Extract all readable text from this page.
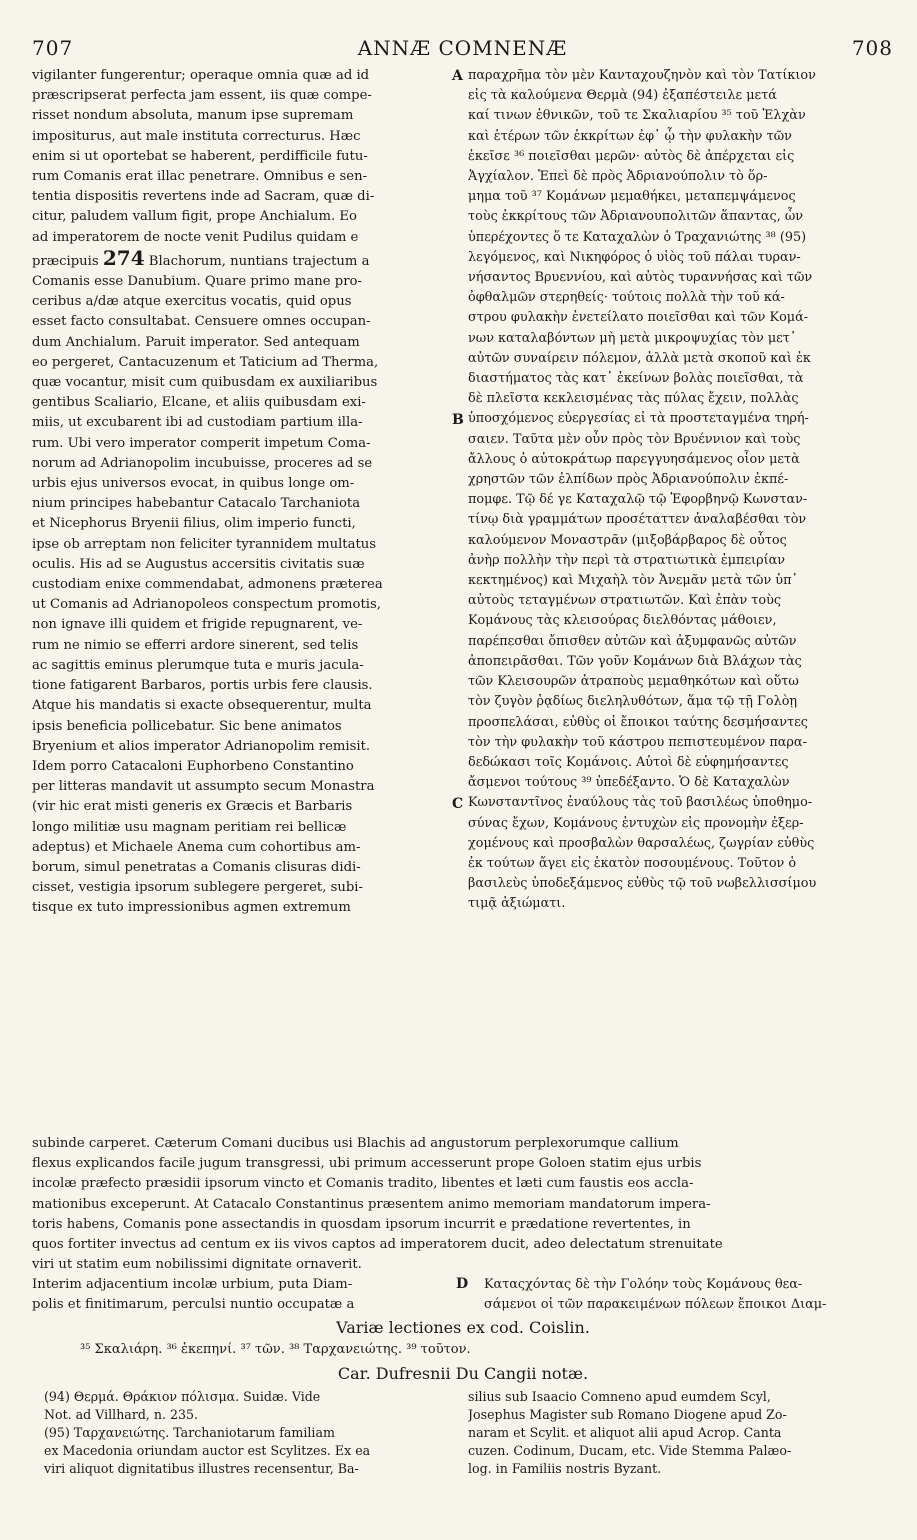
707	ANNÆ COMNENÆ	708
vigilanter fungerentur; operaque omnia quæ ad id
præscripserat perfecta jam essent, iis quæ compe-
risset nondum absoluta, manum ipse supremam
impositurus, aut male instituta correcturus. Hæc
enim si ut oportebat se haberent, perdifficile futu-
rum Comanis erat illac penetrare. Omnibus e sen-
tentia dispositis revertens inde ad Sacram, quæ di-
citur, paludem vallum figit, prope Anchialum. Eo
ad imperatorem de nocte venit Pudilus quidam e
præcipuis 274 Blachorum, nuntians trajectum a
Comanis esse Danubium. Quare primo mane pro-
ceribus a/dæ atque exercitus vocatis, quid opus
esset facto consultabat. Censuere omnes occupan-
dum Anchialum. Paruit imperator. Sed antequam
eo pergeret, Cantacuzenum et Taticium ad Therma,
quæ vocantur, misit cum quibusdam ex auxiliaribus
gentibus Scaliario, Elcane, et aliis quibusdam exi-
miis, ut excubarent ibi ad custodiam partium illa-
rum. Ubi vero imperator comperit impetum Coma-
norum ad Adrianopolim incubuisse, proceres ad se
urbis ejus universos evocat, in quibus longe om-
nium principes habebantur Catacalo Tarchaniota
et Nicephorus Bryenii filius, olim imperio functi,
ipse ob arreptam non feliciter tyrannidem multatus
oculis. His ad se Augustus accersitis civitatis suæ
custodiam enixe commendabat, admonens præterea
ut Comanis ad Adrianopoleos conspectum promotis,
non ignave illi quidem et frigide repugnarent, ve-
rum ne nimio se efferri ardore sinerent, sed telis
ac sagittis eminus plerumque tuta e muris jacula-
tione fatigarent Barbaros, portis urbis fere clausis.
Atque his mandatis si exacte obsequerentur, multa
ipsis beneficia pollicebatur. Sic bene animatos
Bryenium et alios imperator Adrianopolim remisit.
Idem porro Catacaloni Euphorbeno Constantino
per litteras mandavit ut assumpto secum Monastra
(vir hic erat misti generis ex Græcis et Barbaris
longo militiæ usu magnam peritiam rei bellicæ
adeptus) et Michaele Anema cum cohortibus am-
borum, simul penetratas a Comanis clisuras didi-
cisset, vestigia ipsorum sublegere pergeret, subi-
tisque ex tuto impressionibus agmen extremum
παραχρῆμα τὸν μὲν Κανταχουζηνὸν καὶ τὸν Τατίκιον
εἰς τὰ καλούμενα Θερμὰ (94) ἐξαπέστειλε μετά
καί τινων ἐθνικῶν, τοῦ τε Σκαλιαρίου ³⁵ τοῦ Ἐλχὰν
καὶ ἑτέρων τῶν ἐκκρίτων ἐφ᾽ ᾧ τὴν φυλακὴν τῶν
ἐκεῖσε ³⁶ ποιεῖσθαι μερῶν· αὐτὸς δὲ ἀπέρχεται εἰς
Ἀγχίαλον. Ἐπεὶ δὲ πρὸς Ἀδριανούπολιν τὸ ὅρ-
μημα τοῦ ³⁷ Κομάνων μεμαθήκει, μεταπεμψάμενος
τοὺς ἐκκρίτους τῶν Ἀδριανουπολιτῶν ἅπαντας, ὧν
ὑπερέχοντες ὅ τε Καταχαλὼν ὁ Τραχανιώτης ³⁸ (95)
λεγόμενος, καὶ Νικηφόρος ὁ υἱὸς τοῦ πάλαι τυραν-
νήσαντος Βρυεννίου, καὶ αὐτὸς τυραννήσας καὶ τῶν
ὀφθαλμῶν στερηθείς· τούτοις πολλὰ τὴν τοῦ κά-
στρου φυλακὴν ἐνετείλατο ποιεῖσθαι καὶ τῶν Κομά-
νων καταλαβόντων μὴ μετὰ μικροψυχίας τὸν μετ᾽
αὐτῶν συναίρειν πόλεμον, ἀλλὰ μετὰ σκοποῦ καὶ ἐκ
διαστήματος τὰς κατ᾽ ἐκείνων βολὰς ποιεῖσθαι, τὰ
δὲ πλεῖστα κεκλεισμένας τὰς πύλας ἔχειν, πολλὰς
ὑποσχόμενος εὐεργεσίας εἰ τὰ προστεταγμένα τηρή-
σαιεν. Ταῦτα μὲν οὖν πρὸς τὸν Βρυέννιον καὶ τοὺς
ἄλλους ὁ αὐτοκράτωρ παρεγγυησάμενος οἷον μετὰ
χρηστῶν τῶν ἐλπίδων πρὸς Ἀδριανούπολιν ἐκπέ-
πομφε. Τῷ δέ γε Καταχαλῷ τῷ Ἐφορβηνῷ Κωνσταν-
τίνῳ διὰ γραμμάτων προσέταττεν ἀναλαβέσθαι τὸν
καλούμενον Μοναστρᾶν (μιξοβάρβαρος δὲ οὗτος
ἀνὴρ πολλὴν τὴν περὶ τὰ στρατιωτικὰ ἐμπειρίαν
κεκτημένος) καὶ Μιχαὴλ τὸν Ἀνεμᾶν μετὰ τῶν ὑπ᾽
αὐτοὺς τεταγμένων στρατιωτῶν. Καὶ ἐπὰν τοὺς
Κομάνους τὰς κλεισούρας διελθόντας μάθοιεν,
παρέπεσθαι ὄπισθεν αὐτῶν καὶ ἀξυμφανῶς αὐτῶν
ἀποπειρᾶσθαι. Τῶν γοῦν Κομάνων διὰ Βλάχων τὰς
τῶν Κλεισουρῶν ἀτραποὺς μεμαθηκότων καὶ οὕτω
τὸν ζυγὸν ῥᾳδίως διεληλυθότων, ἅμα τῷ τῇ Γολὸῃ
προσπελάσαι, εὐθὺς οἱ ἔποικοι ταύτης δεσμήσαντες
τὸν τὴν φυλακὴν τοῦ κάστρου πεπιστευμένον παρα-
δεδώκασι τοῖς Κομάνοις. Αὐτοὶ δὲ εὐφημήσαντες
ἄσμενοι τούτους ³⁹ ὑπεδέξαντο. Ὁ δὲ Καταχαλὼν
Κωνσταντῖνος ἐναύλους τὰς τοῦ βασιλέως ὑποθημο-
σύνας ἔχων, Κομάνους ἐντυχὼν εἰς προνομὴν ἐξερ-
χομένους καὶ προσβαλὼν θαρσαλέως, ζωγρίαν εὐθὺς
ἐκ τούτων ἄγει εἰς ἑκατὸν ποσουμένους. Τοῦτον ὁ
βασιλεὺς ὑποδεξάμενος εὐθὺς τῷ τοῦ νωβελλισσίμου
τιμᾷ ἀξιώματι.
A
B
C
subinde carperet. Cæterum Comani ducibus usi Blachis ad angustorum perplexorumque callium
flexus explicandos facile jugum transgressi, ubi primum accesserunt prope Goloen statim ejus urbis
incolæ præfecto præsidii ipsorum vincto et Comanis tradito, libentes et læti cum faustis eos accla-
mationibus exceperunt. At Catacalo Constantinus præsentem animo memoriam mandatorum impera-
toris habens, Comanis pone assectandis in quosdam ipsorum incurrit e prædatione revertentes, in
quos fortiter invectus ad centum ex iis vivos captos ad imperatorem ducit, adeo delectatum strenuitate
viri ut statim eum nobilissimi dignitate ornaverit.
Interim adjacentium incolæ urbium, puta Diam-
polis et finitimarum, perculsi nuntio occupatæ a
D Καταςχόντας δὲ τὴν Γολόην τοὺς Κομάνους θεα-
σάμενοι οἱ τῶν παρακειμένων πόλεων ἔποικοι Διαμ-
Variæ lectiones ex cod. Coislin.
³⁵ Σκαλιάρη. ³⁶ ἐκεπηνί. ³⁷ τῶν. ³⁸ Ταρχανειώτης. ³⁹ τοῦτον.
Car. Dufresnii Du Cangii notæ.
(94) Θερμά. Θράκιον πόλισμα. Suidæ. Vide
Not. ad Villhard, n. 235.
(95) Ταρχανειώτης. Tarchaniotarum familiam
ex Macedonia oriundam auctor est Scylitzes. Ex ea
viri aliquot dignitatibus illustres recensentur, Ba-
silius sub Isaacio Comneno apud eumdem Scyl,
Josephus Magister sub Romano Diogene apud Zo-
naram et Scylit. et aliquot alii apud Acrop. Canta
cuzen. Codinum, Ducam, etc. Vide Stemma Palæo-
log. in Familiis nostris Byzant.
